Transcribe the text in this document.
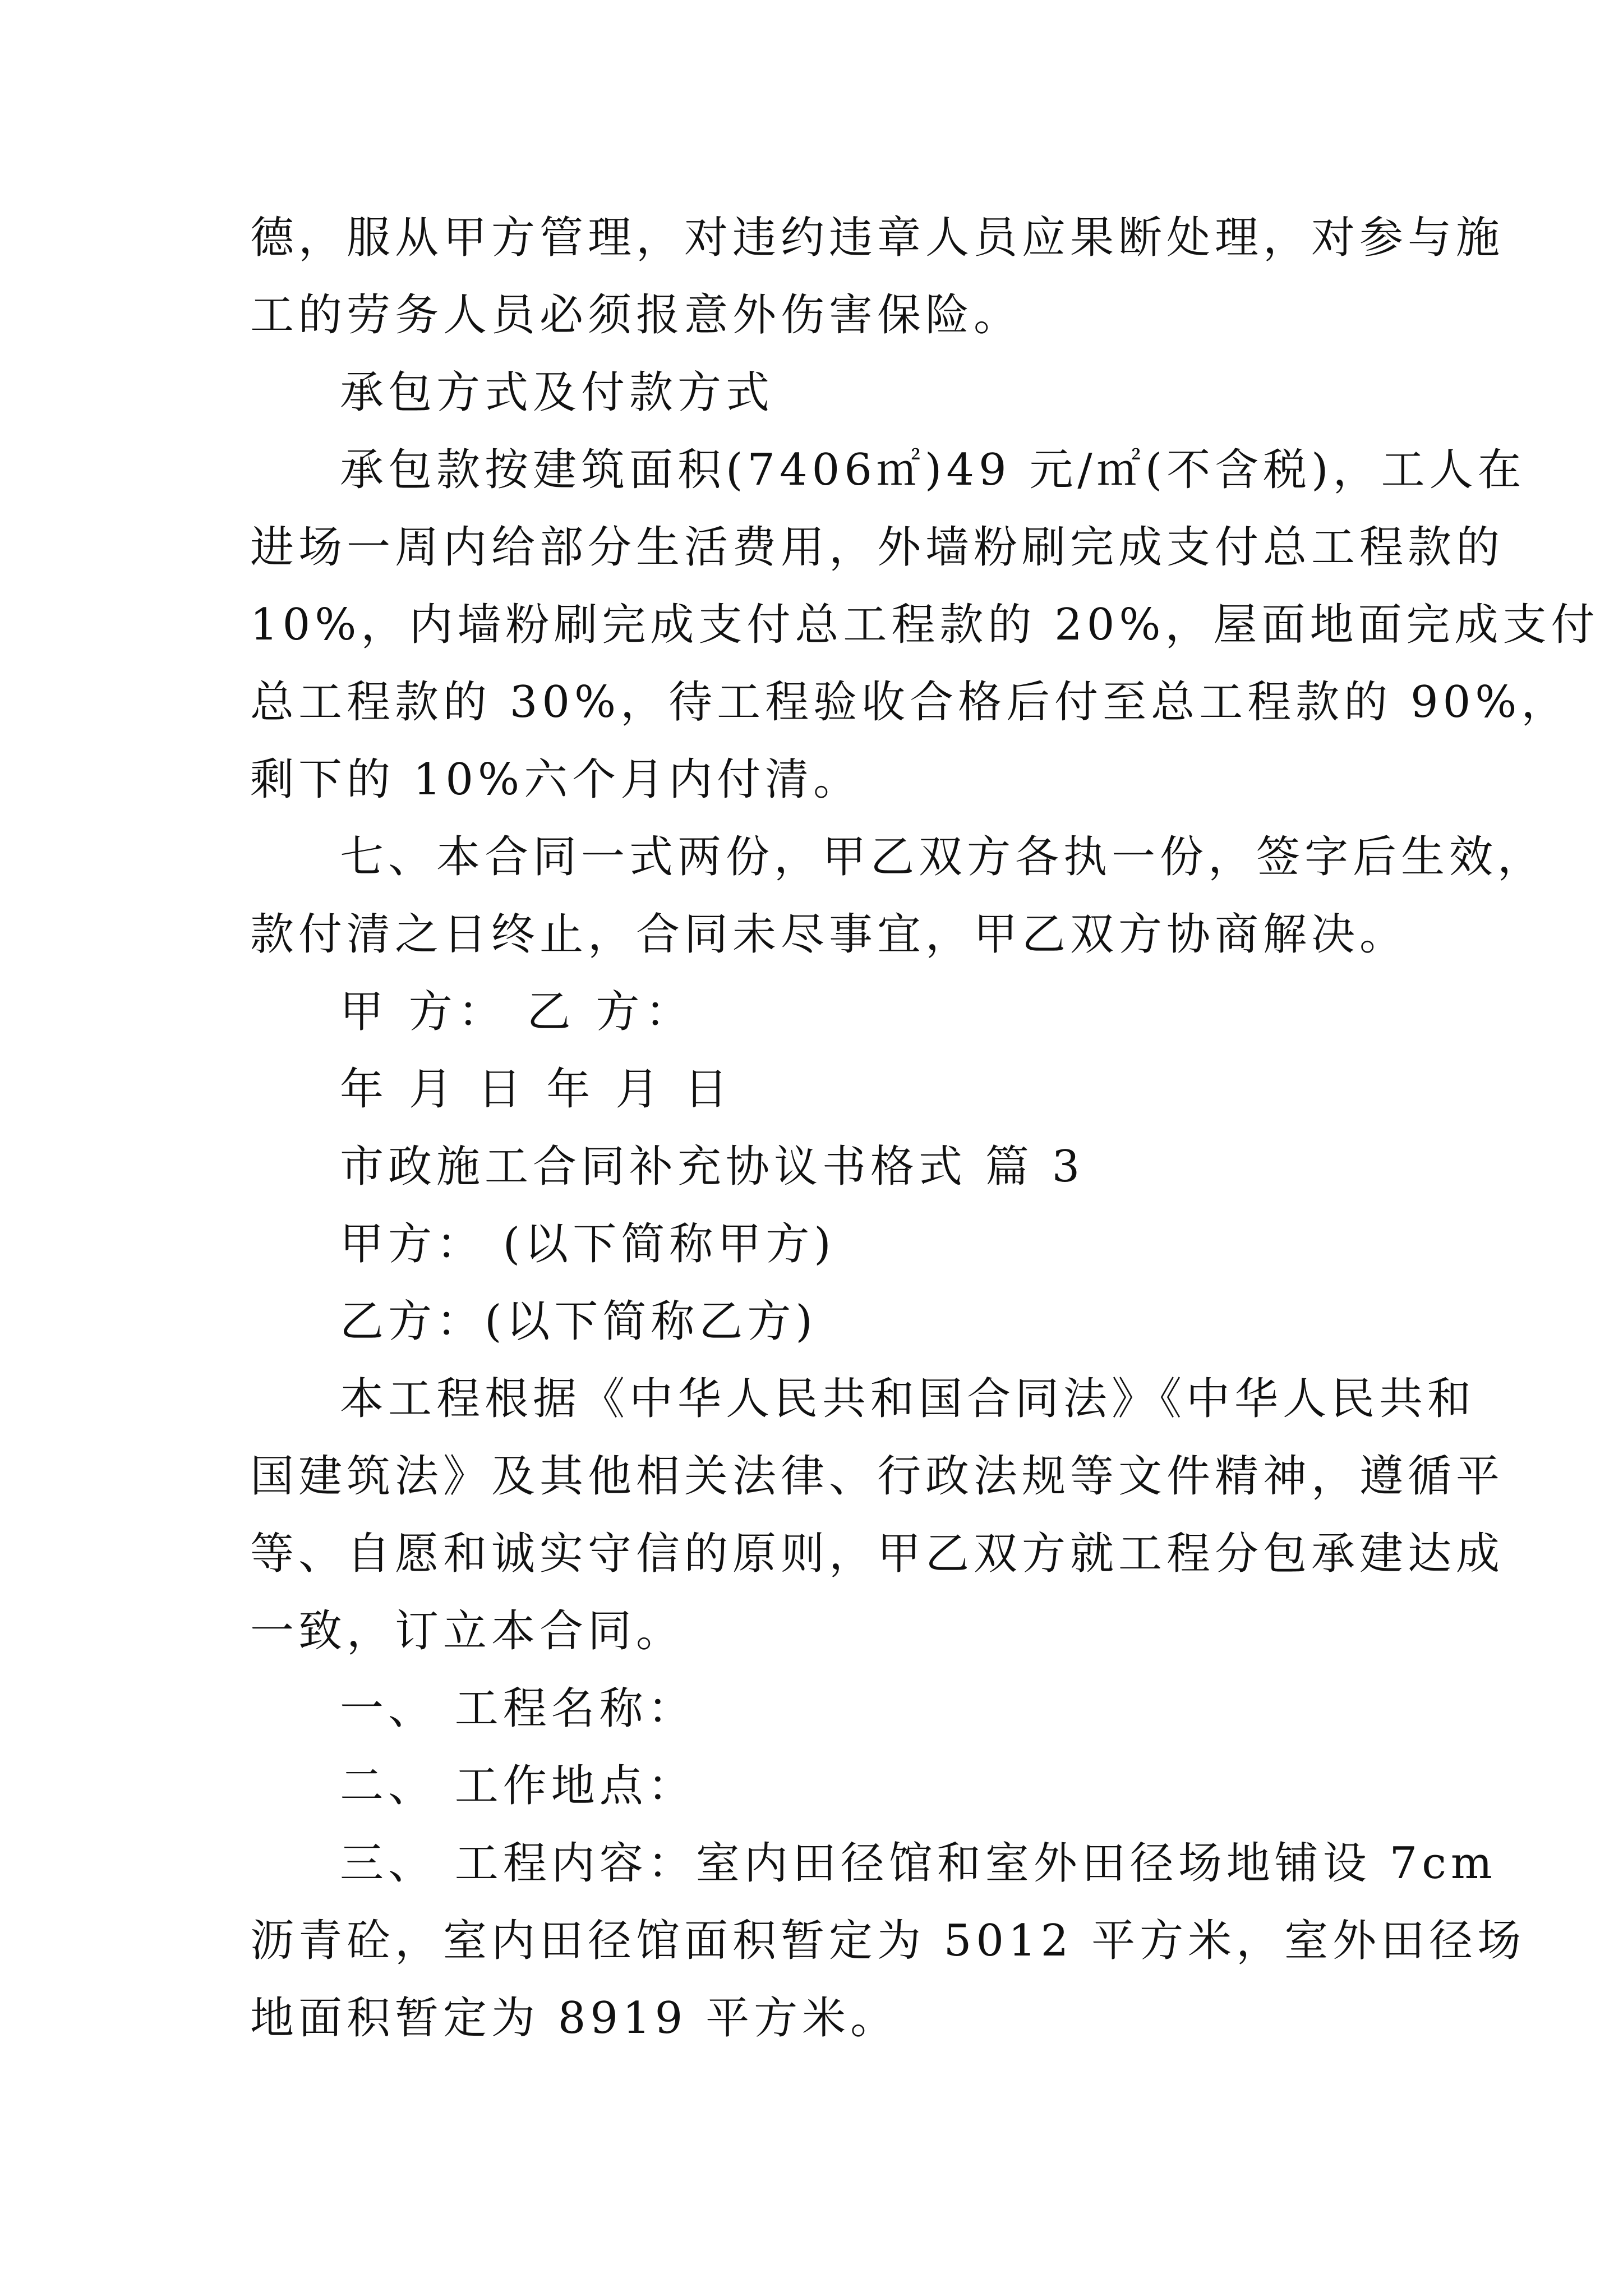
德，服从甲方管理，对违约违章人员应果断处理，对参与施
工的劳务人员必须报意外伤害保险。
承包方式及付款方式
承包款按建筑面积(7406㎡)49 元/㎡(不含税)，工人在
进场一周内给部分生活费用，外墙粉刷完成支付总工程款的
10%，内墙粉刷完成支付总工程款的 20%，屋面地面完成支付
总工程款的 30%，待工程验收合格后付至总工程款的 90%，
剩下的 10%六个月内付清。
七、本合同一式两份，甲乙双方各执一份，签字后生效，
款付清之日终止，合同未尽事宜，甲乙双方协商解决。
甲 方： 乙 方：
年 月 日 年 月 日
市政施工合同补充协议书格式 篇 3
甲方： (以下简称甲方)
乙方：(以下简称乙方)
本工程根据《中华人民共和国合同法》《中华人民共和
国建筑法》及其他相关法律、行政法规等文件精神，遵循平
等、自愿和诚实守信的原则，甲乙双方就工程分包承建达成
一致，订立本合同。
一、 工程名称：
二、 工作地点：
三、 工程内容：室内田径馆和室外田径场地铺设 7cm
沥青砼，室内田径馆面积暂定为 5012 平方米，室外田径场
地面积暂定为 8919 平方米。
